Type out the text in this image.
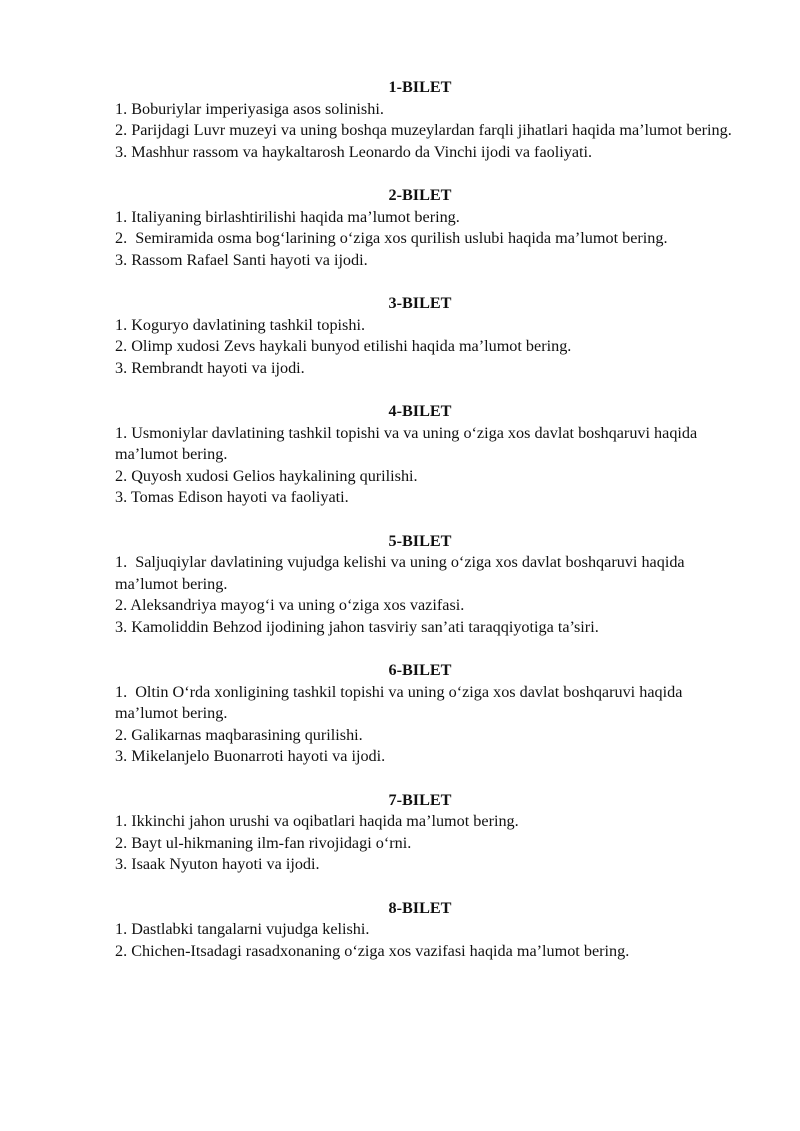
1-BILET

1. Boburiylar imperiyasiga asos solinishi.

2. Parijdagi Luvr muzeyi va uning boshqa muzeylardan farqli jihatlari haqida ma’lumot bering.

3. Mashhur rassom va haykaltarosh Leonardo da Vinchi ijodi va faoliyati.

2-BILET

1. Italiyaning birlashtirilishi haqida ma’lumot bering.

2.  Semiramida osma bog‘larining o‘ziga xos qurilish uslubi haqida ma’lumot bering.

3. Rassom Rafael Santi hayoti va ijodi.

3-BILET

1. Koguryo davlatining tashkil topishi.

2. Olimp xudosi Zevs haykali bunyod etilishi haqida ma’lumot bering.

3. Rembrandt hayoti va ijodi.

4-BILET

1. Usmoniylar davlatining tashkil topishi va va uning o‘ziga xos davlat boshqaruvi haqida ma’lumot bering.

2. Quyosh xudosi Gelios haykalining qurilishi.

3. Tomas Edison hayoti va faoliyati.

5-BILET

1.  Saljuqiylar davlatining vujudga kelishi va uning o‘ziga xos davlat boshqaruvi haqida ma’lumot bering.

2. Aleksandriya mayog‘i va uning o‘ziga xos vazifasi.

3. Kamoliddin Behzod ijodining jahon tasviriy san’ati taraqqiyotiga ta’siri.

6-BILET

1.  Oltin O‘rda xonligining tashkil topishi va uning o‘ziga xos davlat boshqaruvi haqida ma’lumot bering.

2. Galikarnas maqbarasining qurilishi.

3. Mikelanjelo Buonarroti hayoti va ijodi.

7-BILET

1. Ikkinchi jahon urushi va oqibatlari haqida ma’lumot bering.

2. Bayt ul-hikmaning ilm-fan rivojidagi o‘rni.

3. Isaak Nyuton hayoti va ijodi.

8-BILET

1. Dastlabki tangalarni vujudga kelishi.

2. Chichen-Itsadagi rasadxonaning o‘ziga xos vazifasi haqida ma’lumot bering.
